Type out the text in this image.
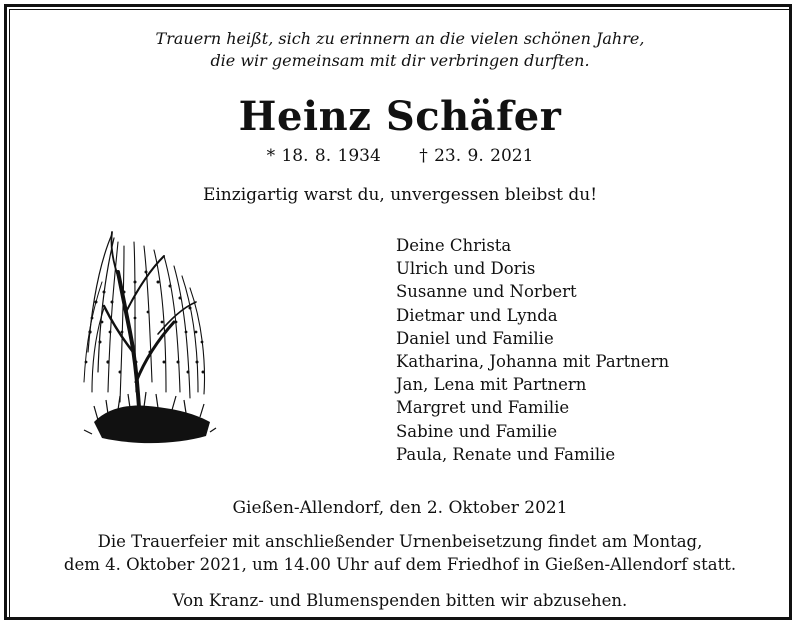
Trauern heißt, sich zu erinnern an die vielen schönen Jahre,
die wir gemeinsam mit dir verbringen durften.
Heinz Schäfer
* 18. 8. 1934 † 23. 9. 2021
Einzigartig warst du, unvergessen bleibst du!
Deine Christa
Ulrich und Doris
Susanne und Norbert
Dietmar und Lynda
Daniel und Familie
Katharina, Johanna mit Partnern
Jan, Lena mit Partnern
Margret und Familie
Sabine und Familie
Paula, Renate und Familie
Gießen-Allendorf, den 2. Oktober 2021
Die Trauerfeier mit anschließender Urnenbeisetzung findet am Montag,
dem 4. Oktober 2021, um 14.00 Uhr auf dem Friedhof in Gießen-Allendorf statt.
Von Kranz- und Blumenspenden bitten wir abzusehen.
